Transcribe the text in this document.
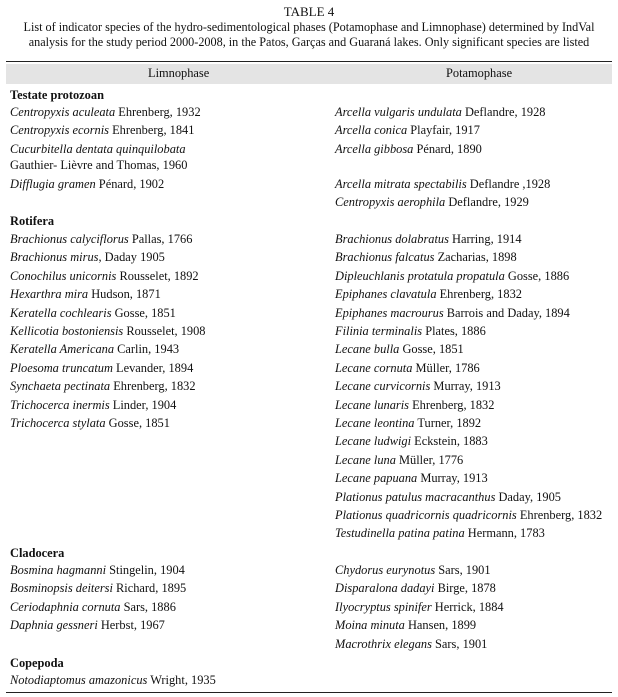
TABLE 4
List of indicator species of the hydro-sedimentological phases (Potamophase and Limnophase) determined by IndVal analysis for the study period 2000-2008, in the Patos, Garças and Guaraná lakes. Only significant species are listed
Limnophase	Potamophase
Testate protozoan
Centropyxis aculeata Ehrenberg, 1932
Centropyxis ecornis Ehrenberg, 1841
Cucurbitella dentata quinquilobata
Gauthier- Lièvre and Thomas, 1960
Difflugia gramen Pénard, 1902
Arcella vulgaris undulata Deflandre, 1928
Arcella conica Playfair, 1917
Arcella gibbosa Pénard, 1890
Arcella mitrata spectabilis Deflandre ,1928
Centropyxis aerophila Deflandre, 1929
Rotifera
Brachionus calyciflorus Pallas, 1766
Brachionus mirus, Daday 1905
Conochilus unicornis Rousselet, 1892
Hexarthra mira Hudson, 1871
Keratella cochlearis Gosse, 1851
Kellicotia bostoniensis Rousselet, 1908
Keratella Americana Carlin, 1943
Ploesoma truncatum Levander, 1894
Synchaeta pectinata Ehrenberg, 1832
Trichocerca inermis Linder, 1904
Trichocerca stylata Gosse, 1851
Brachionus dolabratus Harring, 1914
Brachionus falcatus Zacharias, 1898
Dipleuchlanis protatula propatula Gosse, 1886
Epiphanes clavatula Ehrenberg, 1832
Epiphanes macrourus Barrois and Daday, 1894
Filinia terminalis Plates, 1886
Lecane bulla Gosse, 1851
Lecane cornuta Müller, 1786
Lecane curvicornis Murray, 1913
Lecane lunaris Ehrenberg, 1832
Lecane leontina Turner, 1892
Lecane ludwigi Eckstein, 1883
Lecane luna Müller, 1776
Lecane papuana Murray, 1913
Plationus patulus macracanthus Daday, 1905
Plationus quadricornis quadricornis Ehrenberg, 1832
Testudinella patina patina Hermann, 1783
Cladocera
Bosmina hagmanni Stingelin, 1904
Bosminopsis deitersi Richard, 1895
Ceriodaphnia cornuta Sars, 1886
Daphnia gessneri Herbst, 1967
Chydorus eurynotus Sars, 1901
Disparalona dadayi Birge, 1878
Ilyocryptus spinifer Herrick, 1884
Moina minuta Hansen, 1899
Macrothrix elegans Sars, 1901
Copepoda
Notodiaptomus amazonicus Wright, 1935
